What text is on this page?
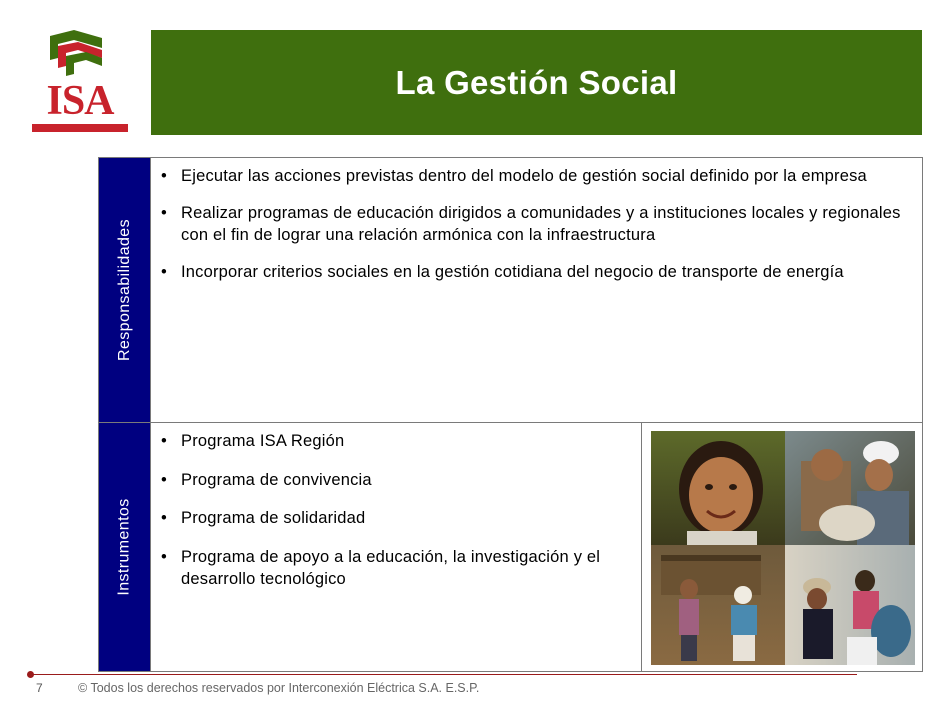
ISA	La Gestión Social
Responsabilidades
Instrumentos
• Ejecutar las acciones previstas dentro del modelo de gestión social definido por la empresa
• Realizar programas de educación dirigidos a comunidades y a instituciones locales y regionales con el fin de lograr una relación armónica con la infraestructura
• Incorporar criterios sociales en la gestión cotidiana del negocio de transporte de energía
• Programa ISA Región
• Programa de convivencia
• Programa de solidaridad
• Programa de apoyo a la educación, la investigación y el desarrollo tecnológico
7	© Todos los derechos reservados por Interconexión Eléctrica S.A. E.S.P.
